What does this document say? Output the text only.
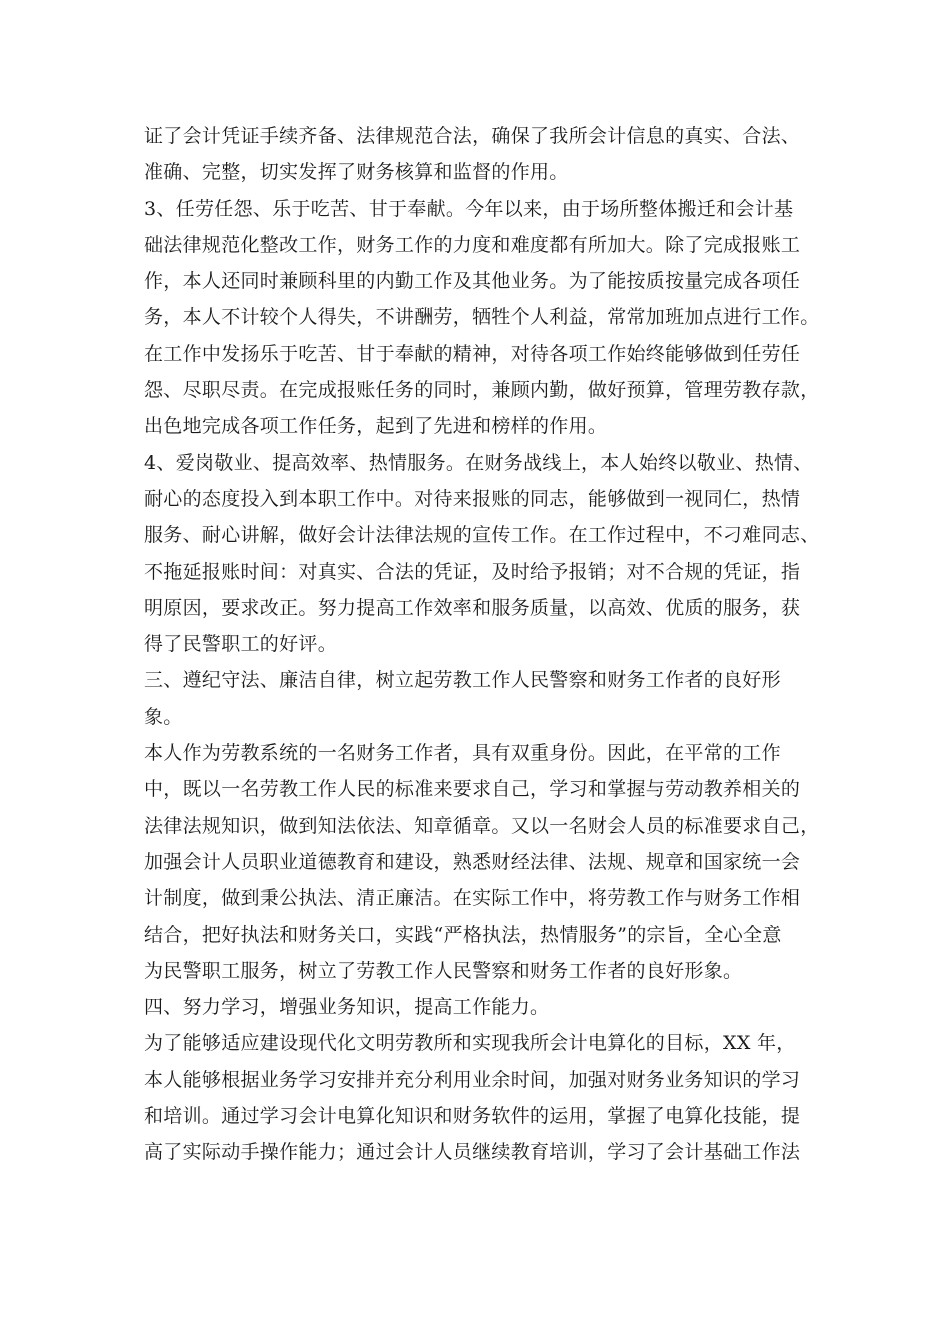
证了会计凭证手续齐备、法律规范合法，确保了我所会计信息的真实、合法、
准确、完整，切实发挥了财务核算和监督的作用。
3、任劳任怨、乐于吃苦、甘于奉献。今年以来，由于场所整体搬迁和会计基
础法律规范化整改工作，财务工作的力度和难度都有所加大。除了完成报账工
作，本人还同时兼顾科里的内勤工作及其他业务。为了能按质按量完成各项任
务，本人不计较个人得失，不讲酬劳，牺牲个人利益，常常加班加点进行工作。
在工作中发扬乐于吃苦、甘于奉献的精神，对待各项工作始终能够做到任劳任
怨、尽职尽责。在完成报账任务的同时，兼顾内勤，做好预算，管理劳教存款，
出色地完成各项工作任务，起到了先进和榜样的作用。
4、爱岗敬业、提高效率、热情服务。在财务战线上，本人始终以敬业、热情、
耐心的态度投入到本职工作中。对待来报账的同志，能够做到一视同仁，热情
服务、耐心讲解，做好会计法律法规的宣传工作。在工作过程中，不刁难同志、
不拖延报账时间：对真实、合法的凭证，及时给予报销；对不合规的凭证，指
明原因，要求改正。努力提高工作效率和服务质量，以高效、优质的服务，获
得了民警职工的好评。
三、遵纪守法、廉洁自律，树立起劳教工作人民警察和财务工作者的良好形
象。
本人作为劳教系统的一名财务工作者，具有双重身份。因此，在平常的工作
中，既以一名劳教工作人民的标准来要求自己，学习和掌握与劳动教养相关的
法律法规知识，做到知法依法、知章循章。又以一名财会人员的标准要求自己，
加强会计人员职业道德教育和建设，熟悉财经法律、法规、规章和国家统一会
计制度，做到秉公执法、清正廉洁。在实际工作中，将劳教工作与财务工作相
结合，把好执法和财务关口，实践“严格执法，热情服务”的宗旨，全心全意
为民警职工服务，树立了劳教工作人民警察和财务工作者的良好形象。
四、努力学习，增强业务知识，提高工作能力。
为了能够适应建设现代化文明劳教所和实现我所会计电算化的目标，XX 年，
本人能够根据业务学习安排并充分利用业余时间，加强对财务业务知识的学习
和培训。通过学习会计电算化知识和财务软件的运用，掌握了电算化技能，提
高了实际动手操作能力；通过会计人员继续教育培训，学习了会计基础工作法
